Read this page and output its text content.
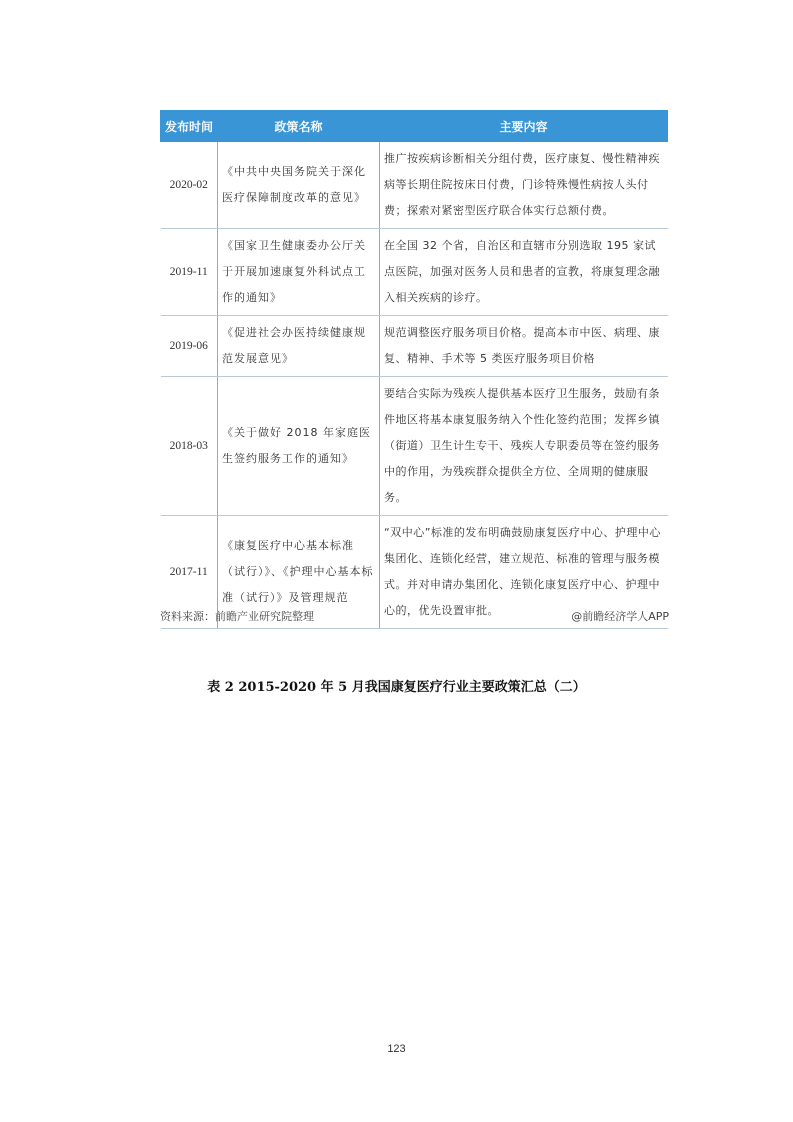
发布时间	政策名称	主要内容
2020-02	《中共中央国务院关于深化医疗保障制度改革的意见》	推广按疾病诊断相关分组付费，医疗康复、慢性精神疾病等长期住院按床日付费，门诊特殊慢性病按人头付费；探索对紧密型医疗联合体实行总额付费。
2019-11	《国家卫生健康委办公厅关于开展加速康复外科试点工作的通知》	在全国 32 个省，自治区和直辖市分别选取 195 家试点医院，加强对医务人员和患者的宣教，将康复理念融入相关疾病的诊疗。
2019-06	《促进社会办医持续健康规范发展意见》	规范调整医疗服务项目价格。提高本市中医、病理、康复、精神、手术等 5 类医疗服务项目价格
2018-03	《关于做好 2018 年家庭医生签约服务工作的通知》	要结合实际为残疾人提供基本医疗卫生服务，鼓励有条件地区将基本康复服务纳入个性化签约范围；发挥乡镇（街道）卫生计生专干、残疾人专职委员等在签约服务中的作用，为残疾群众提供全方位、全周期的健康服务。
2017-11	《康复医疗中心基本标准（试行）》、《护理中心基本标准（试行）》及管理规范	“双中心”标准的发布明确鼓励康复医疗中心、护理中心集团化、连锁化经营，建立规范、标准的管理与服务模式。并对申请办集团化、连锁化康复医疗中心、护理中心的，优先设置审批。
资料来源：前瞻产业研究院整理	@前瞻经济学人APP
表 2 2015-2020 年 5 月我国康复医疗行业主要政策汇总（二）
123
